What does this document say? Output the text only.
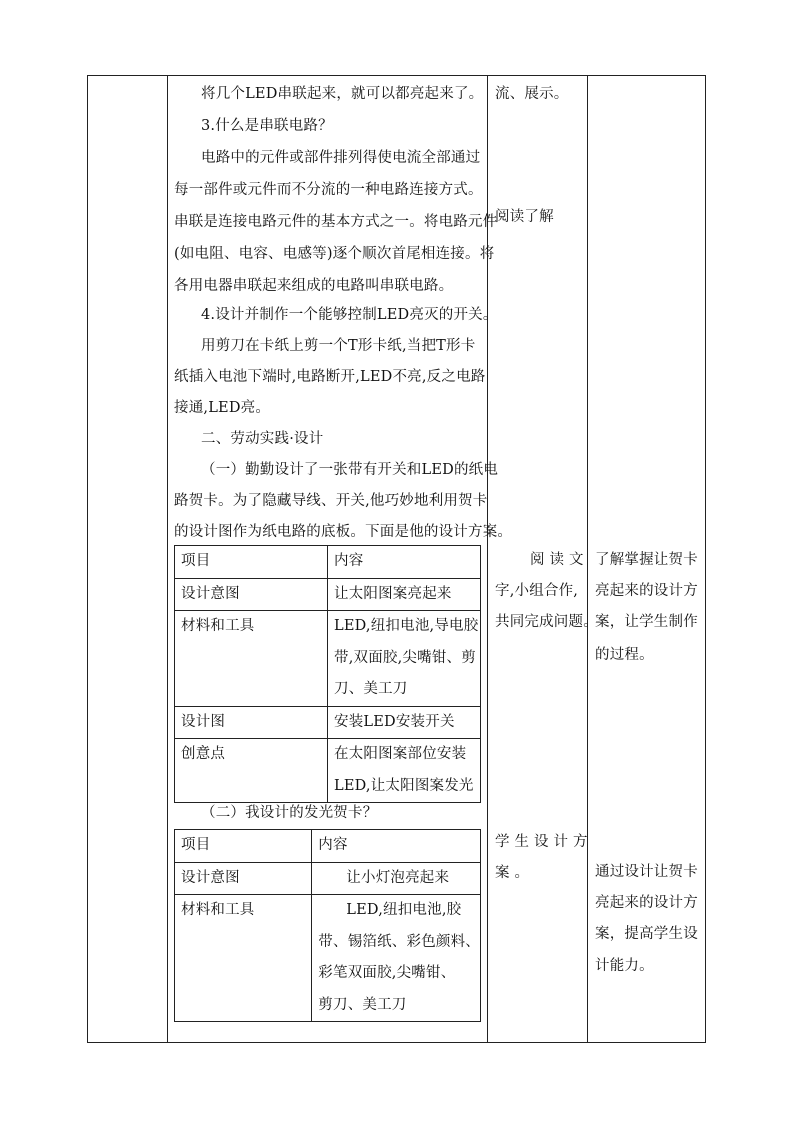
将几个LED串联起来，就可以都亮起来了。
3.什么是串联电路？
电路中的元件或部件排列得使电流全部通过
每一部件或元件而不分流的一种电路连接方式。
串联是连接电路元件的基本方式之一。将电路元件
(如电阻、电容、电感等)逐个顺次首尾相连接。将
各用电器串联起来组成的电路叫串联电路。
4.设计并制作一个能够控制LED亮灭的开关。
用剪刀在卡纸上剪一个T形卡纸,当把T形卡
纸插入电池下端时,电路断开,LED不亮,反之电路
接通,LED亮。
二、劳动实践·设计
（一）勤勤设计了一张带有开关和LED的纸电
路贺卡。为了隐藏导线、开关,他巧妙地利用贺卡
的设计图作为纸电路的底板。下面是他的设计方案。
项目	内容
设计意图	让太阳图案亮起来

材料和工具	LED,纽扣电池,导电胶
带,双面胶,尖嘴钳、剪
刀、美工刀

设计图	安装LED安装开关

创意点	在太阳图案部位安装
LED,让太阳图案发光
（二）我设计的发光贺卡？
项目	内容
设计意图	让小灯泡亮起来

材料和工具	LED,纽扣电池,胶
带、锡箔纸、彩色颜料、
彩笔双面胶,尖嘴钳、
剪刀、美工刀
流、展示。
阅读了解
阅 读 文
字,小组合作,
共同完成问题。
学 生 设 计 方
案 。
了解掌握让贺卡
亮起来的设计方
案，让学生制作
的过程。
通过设计让贺卡
亮起来的设计方
案，提高学生设
计能力。
